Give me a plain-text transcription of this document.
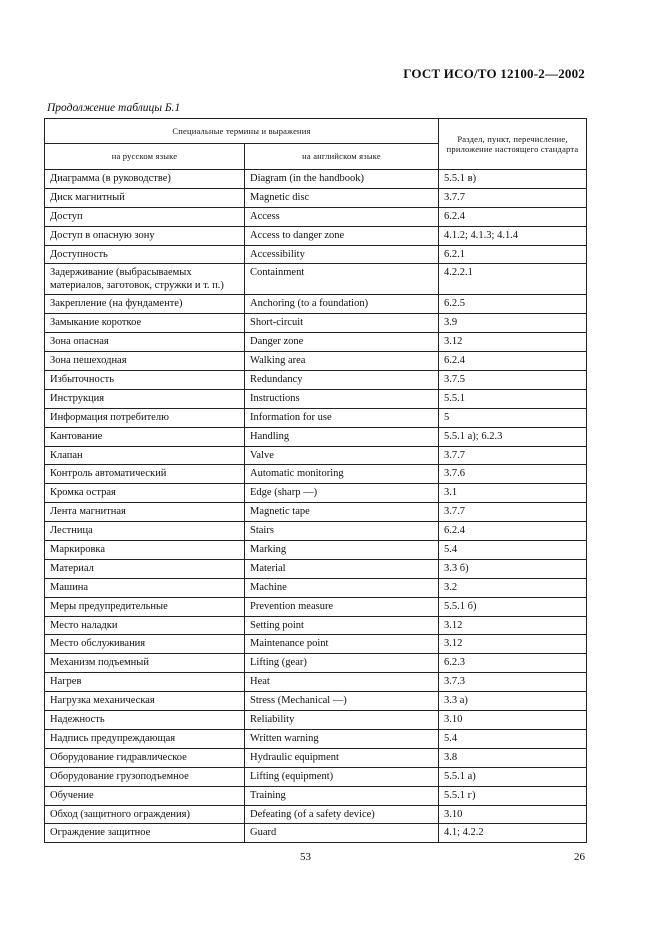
ГОСТ ИСО/ТО 12100-2—2002
Продолжение таблицы Б.1
Специальные термины и выражения		Раздел, пункт, перечисление, приложение настоящего стандарта
на русском языке	на английском языке	
Диаграмма (в руководстве)	Diagram (in the handbook)	5.5.1 в)
Диск магнитный	Magnetic disc	3.7.7
Доступ	Access	6.2.4
Доступ в опасную зону	Access to danger zone	4.1.2; 4.1.3; 4.1.4
Доступность	Accessibility	6.2.1
Задерживание (выбрасываемых материалов, заготовок, стружки и т. п.)	Containment	4.2.2.1
Закрепление (на фундаменте)	Anchoring (to a foundation)	6.2.5
Замыкание короткое	Short-circuit	3.9
Зона опасная	Danger zone	3.12
Зона пешеходная	Walking area	6.2.4
Избыточность	Redundancy	3.7.5
Инструкция	Instructions	5.5.1
Информация потребителю	Information for use	5
Кантование	Handling	5.5.1 а); 6.2.3
Клапан	Valve	3.7.7
Контроль автоматический	Automatic monitoring	3.7.6
Кромка острая	Edge (sharp —)	3.1
Лента магнитная	Magnetic tape	3.7.7
Лестница	Stairs	6.2.4
Маркировка	Marking	5.4
Материал	Material	3.3 б)
Машина	Machine	3.2
Меры предупредительные	Prevention measure	5.5.1 б)
Место наладки	Setting point	3.12
Место обслуживания	Maintenance point	3.12
Механизм подъемный	Lifting (gear)	6.2.3
Нагрев	Heat	3.7.3
Нагрузка механическая	Stress (Mechanical —)	3.3 а)
Надежность	Reliability	3.10
Надпись предупреждающая	Written warning	5.4
Оборудование гидравлическое	Hydraulic equipment	3.8
Оборудование грузоподъемное	Lifting (equipment)	5.5.1 а)
Обучение	Training	5.5.1 г)
Обход (защитного ограждения)	Defeating (of a safety device)	3.10
Ограждение защитное	Guard	4.1; 4.2.2
53	26
